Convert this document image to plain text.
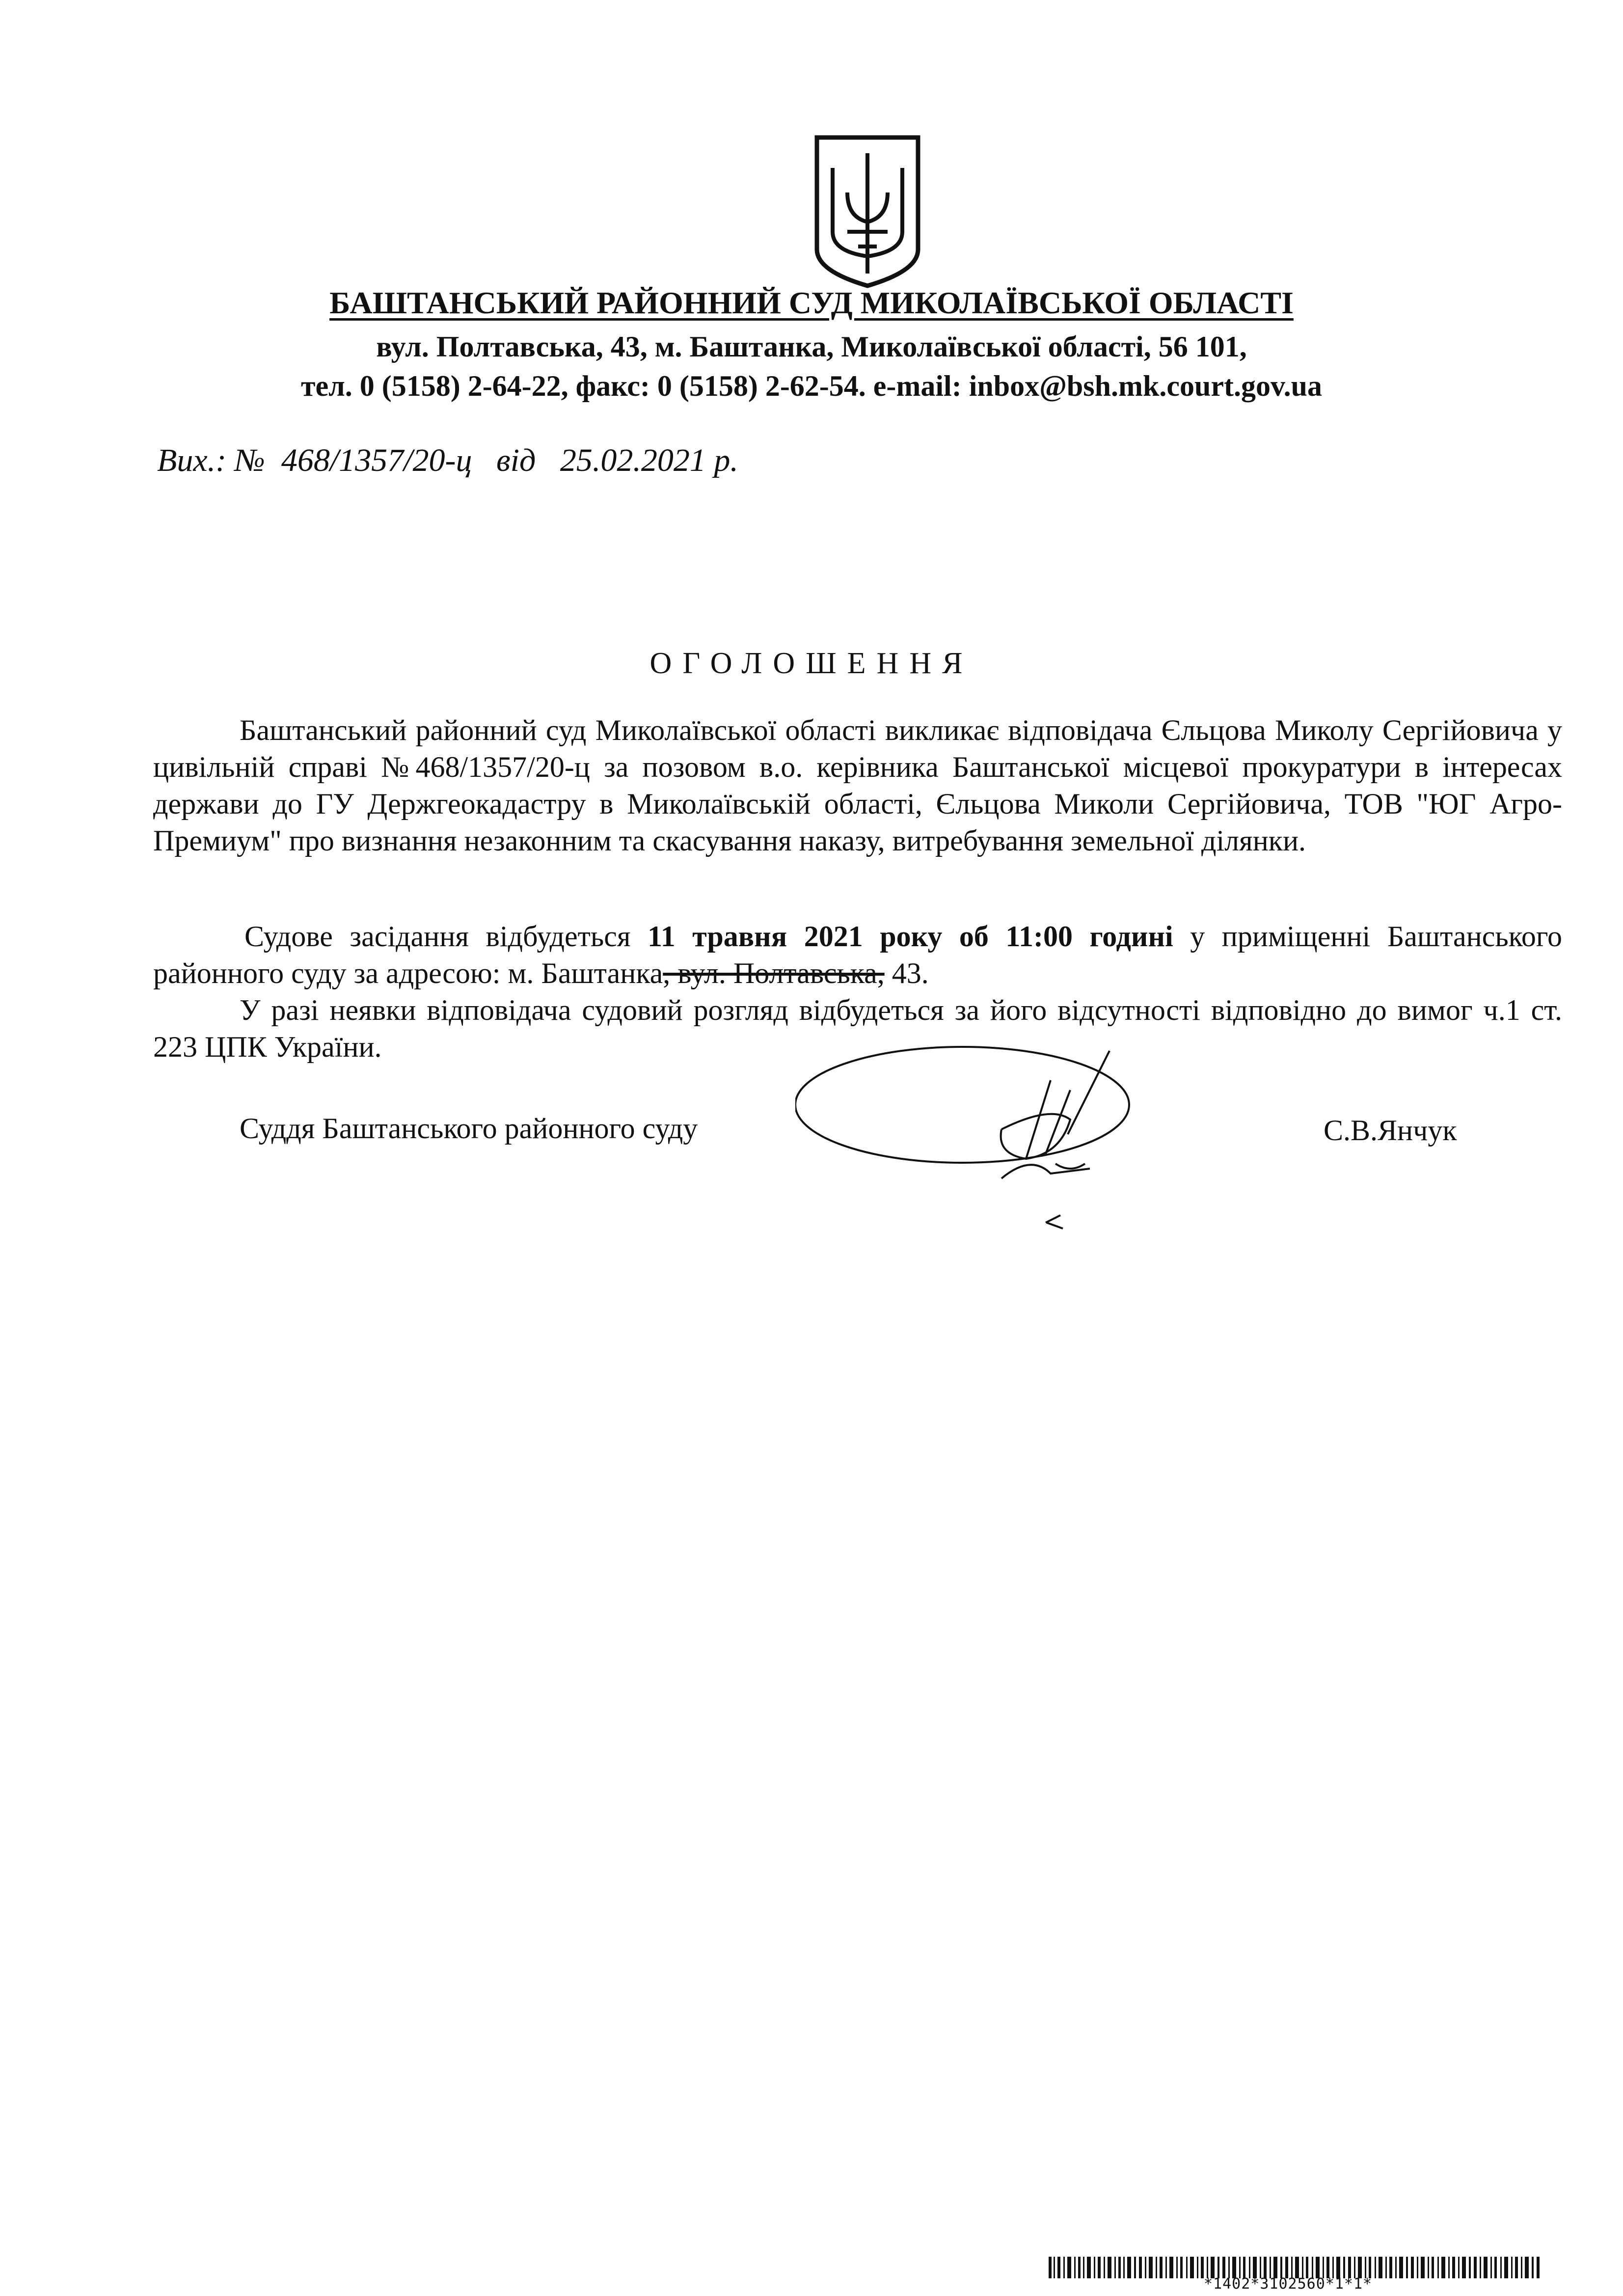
БАШТАНСЬКИЙ РАЙОННИЙ СУД МИКОЛАЇВСЬКОЇ ОБЛАСТІ
вул. Полтавська, 43, м. Баштанка, Миколаївської області, 56 101,
тел. 0 (5158) 2-64-22, факс: 0 (5158) 2-62-54. e-mail: inbox@bsh.mk.court.gov.ua
Вих.: № 468/1357/20-ц від 25.02.2021 р.
ОГОЛОШЕННЯ
Баштанський районний суд Миколаївської області викликає відповідача Єльцова Миколу Сергійовича у цивільній справі №468/1357/20-ц за позовом в.о. керівника Баштанської місцевої прокуратури в інтересах держави до ГУ Держгеокадастру в Миколаївській області, Єльцова Миколи Сергійовича, ТОВ "ЮГ Агро-Премиум" про визнання незаконним та скасування наказу, витребування земельної ділянки.
Судове засідання відбудеться 11 травня 2021 року об 11:00 годині у приміщенні Баштанського районного суду за адресою: м. Баштанка, вул. Полтавська, 43.
У разі неявки відповідача судовий розгляд відбудеться за його відсутності відповідно до вимог ч.1 ст. 223 ЦПК України.
Суддя Баштанського районного суду	С.В.Янчук
*1402*3102560*1*1*
